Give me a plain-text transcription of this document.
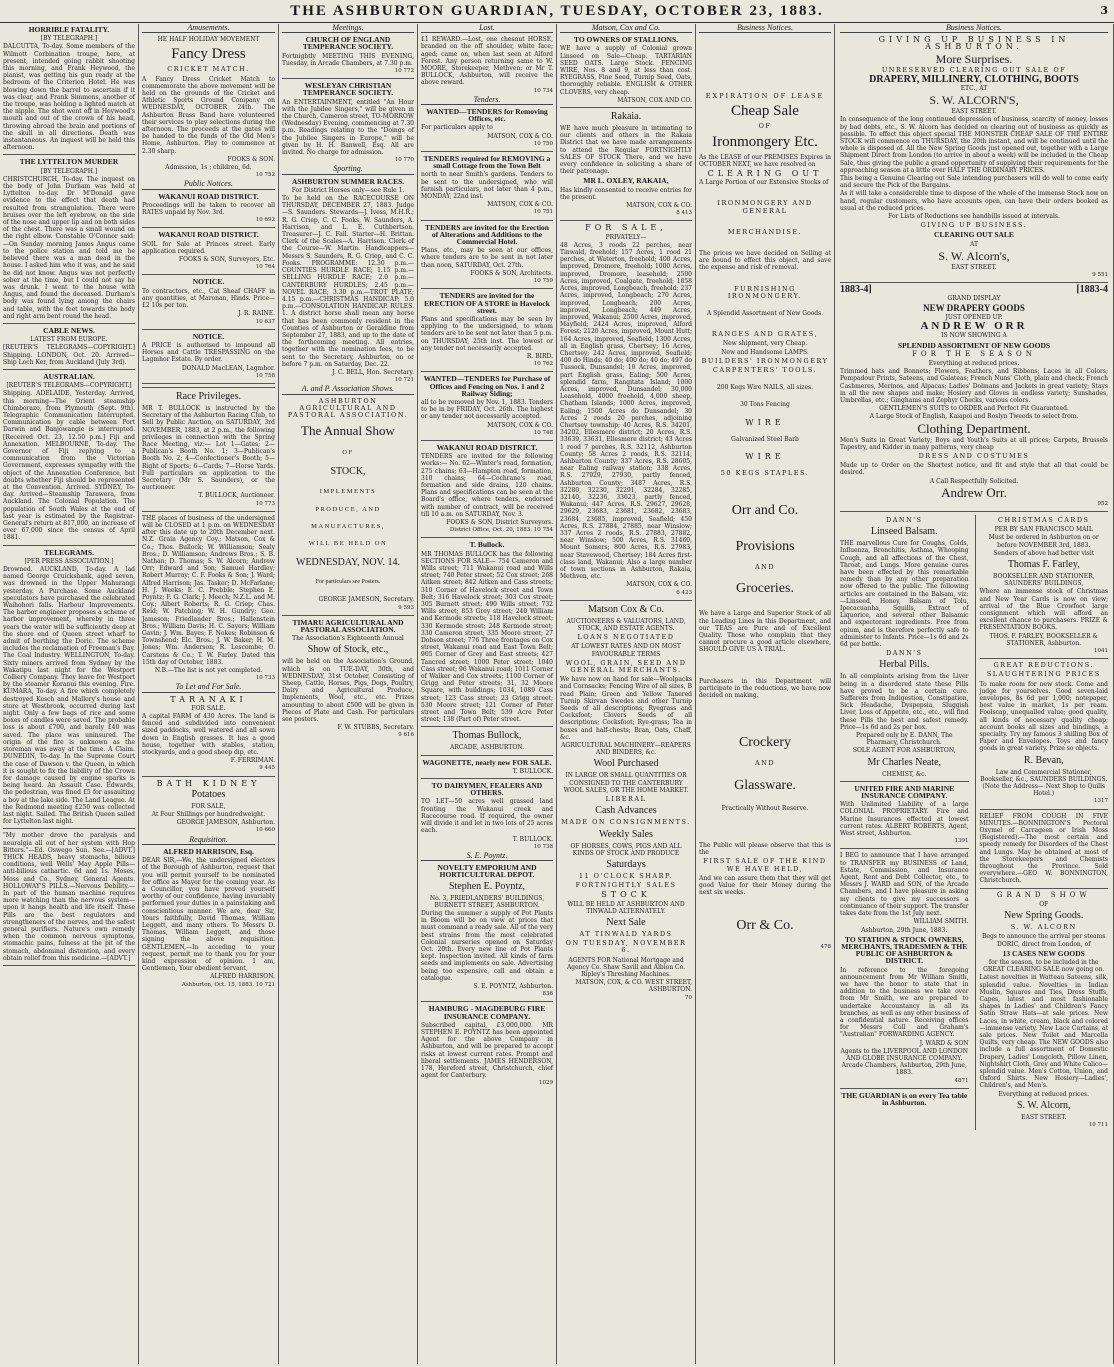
THE ASHBURTON GUARDIAN, TUESDAY, OCTOBER 23, 1883.	3
HORRIBLE FATALITY.
[BY TELEGRAPH.]
DALCUTTA, To-day. Some members of the Wilmott Corbination troupe, here, at present, intended going rabbit shooting this morning, and Frank Heywood, the pianist, was getting his gun ready at the bedroom of the Criterion Hotel. He was blowing down the barrel to ascertain if it was clear, and Frank Simmons, another of the troupe, was holding a lighted match at the nipple. The shot went off in Heywood's mouth and out of the crown of his head, throwing abroad the brain and portions of the skull in all directions. Death was instantaneous. An inquest will be held this afternoon.
THE LYTTELTON MURDER
[BY TELEGRAPH.]
CHRISTCHURCH, To-day. The inquest on the body of John Durham was held at Lyttelton to-day. Dr M'Donald gave evidence to the effect that death had resulted from strangulation. There were bruises over the left eyebrow, on the side of the nose and upper lip and on both sides of the chest. There was a small wound on the right elbow. Constable O'Connor said:—On Sunday morning James Angus came to the police station and told me he believed there was a man dead in the house. I asked him who it was, and he said he did not know. Angus was not perfectly sober at the time, but I could not say he was drunk. I went to the house with Angus, and found the deceased. Durham's body was found lying among the chairs and table, with the feet towards the body and right arm bent round the head.
CABLE NEWS.
LATEST FROM EUROPE.
[REUTER'S TELEGRAMS—COPYRIGHT.] Shipping. LONDON, Oct. 20. Arrived—Ship Loch Ker, from Auckland (July 3rd).
AUSTRALIAN.
[REUTER'S TELEGRAMS—COPYRIGHT.]
Shipping. ADELAIDE, Yesterday. Arrived, this morning—The Orient steamship Chimborazo, from Plymouth (Sept. 9th). Telegraphic Communication Interrupted. Communication by cable between Port Darwin and Banjowangie is interrupted. [Received Oct. 23, 12.50 p.m.] Fiji and Annexation. MELBOURNE, To-day. The Governor of Fiji replying to a communication from the Victorian Government, expresses sympathy with the object of the Annexation Conference, but doubts whether Fiji should be represented at the Convention. Arrived. SYDNEY, To-day. Arrived—Steamship Tarawera, from Auckland. The Colonial Population. The population of South Wales at the end of last year is estimated by the Registrar-General's return at 817,000, an increase of over 67,000 since the census of April 1881.
TELEGRAMS.
[PER PRESS ASSOCIATION.]
Drowned. AUCKLAND, To-day. A lad named George Cruickshank, aged seven, was drowned in the Upper Mahurangi yesterday. A Purchase. Some Auckland speculators have purchased the celebrated Waihohori falls. Harbour Improvements. The harbor engineer proposes a scheme of harbor improvement, whereby in three years the water will be sufficiently deep at the shore end of Queen street wharf to admit of berthing the Doric. The scheme includes the reclamation of Freeman's Bay. The Coal Industry. WELLINGTON, To-day. Sixty miners arrived from Sydney by the Wakatipu last night for the Westport Colliery Company. They leave for Westport by the steamer Koranui this evening. Fire. KUMARA, To-day. A fire which completely destroyed Kesch and Mallory's house and store at Westbrook, occurred during last night. Only a few bags of rice and some boxes of candles were saved. The probable loss is about £700, and barely £40 was saved. The place was uninsured. The origin of the fire is unknown as the storeman was away at the time. A Claim. DUNEDIN, To-day. In the Supreme Court the case of Dawson v. the Queen, in which it is sought to fix the liability of the Crown for damage caused by engine sparks is being heard. An Assault Case. Edwards, the pedestrian, was fined £5 for assaulting a boy at the lake side. The Land League. At the Redmond meeting £250 was collected last night. Sailed. The British Queen sailed for Lyttelton last night.
"My mother drove the paralysis and neuralgia all out of her system with Hop Bitters."—Ed. Oswego Sun. See.—[ADVT.] THICK HEADS, heavy stomachs, bilious conditions, well Wells' May Apple Pills—anti-bilious cathartic. 6d and 1s. Moses, Moss and Co., Sydney, General Agents. HOLLOWAY'S PILLS.—Nervous Debility.—In part of the human machine requires more watching than the nervous system—upon it hangs health and life itself. These Pills are the best regulators and strengtheners of the nerves, and the safest general purifiers. Nature's own remedy when the common nervous symptoms, stomachic pains, fulness at the pit of the stomach, abdominal distention, and every obtain relief from this medicine.—[ADVT.]
Amusements.
HE HALF HOLIDAY MOVEMENT
Fancy Dress
CRICKET MATCH.
A Fancy Dress Cricket Match to commemorate the above movement will be held on the grounds of the Cricket and Athletic Sports Ground Company on WEDNESDAY, OCTOBER 24th. The Ashburton Brass Band have volunteered their services to play selections during the afternoon. The proceeds at the gates will be handed to the funds of the Old Men's Home, Ashburton. Play to commence at 2.30 sharp.
FOOKS & SON.
Admission, 1s ; children, 6d.
10 752
Public Notices.
WAKANUI ROAD DISTRICT.
Proceedings will be taken to recover all RATES unpaid by Nov. 3rd.
10 692
WAKANUI ROAD DISTRICT.
SOIL for Sale at Princes street. Early application required.
FOOKS & SON, Surveyors, Etc.
10 764
NOTICE.
To contractors, etc., Cat Sheaf CHAFF in any quantities, at Maronan, Hinds. Price—£2 10s per ton.
J. R. RAINE.
10 637
NOTICE.
A PRICE is authorised to impound all Horses and Cattle TRESPASSING on the Lagmhor Estate. By order.
DONALD MacLEAN, Lagmhor.
10 758
Race Privileges.
MR T. BULLOCK is instructed by the Secretary of the Ashburton Racing Club, to Sell by Public Auction, on SATURDAY, 3rd NOVEMBER, 1883, at 2 p.m., the following privileges in connection with the Spring Race Meeting, viz:— Lot 1—Gates; 2—Publican's Booth No. 1; 3—Publican's Booth No. 2; 4—Confectioner's Booth; 5—Right of Sports; 6—Cards; 7—Horse Yards. Full particulars on application to the Secretary (Mr S. Saunders), or the auctioneer.
T. BULLOCK, Auctioneer.
10 773
THE places of business of the undersigned will be CLOSED at 1 p.m. on WEDNESDAY after this date up to 20th December next. N.Z. Grain Agency Coy.; Matson, Cox & Co.; Thos. Bullock; W. Williamson; Sealy Bros.; D. Williamson; Andrews Bros.; S. B. Nathan; D. Thomas; S. W. Alcorn; Andrew Orr; Edward and Son; Samuel Hardley; Robert Murray; C. F. Fooks & Son; J. Ward; Alfred Harrison; Jas. Tasker; D. McFarlane; H. J. Weeks; E. C. Prebble; Stephen E. Poyntz; F. G. Clark; J. Meech; N.Z.L. and M. Coy.; Albert Roberts; R. G. Criep; Chas. Reid; W. Patching; W. H. Gundry; Geo. Jameson; Friedlander Bros.; Hallenstein Bros.; William Davis; H. C. Sayers; William Gavin; J. Wm. Bayes; F. Nokes; Robinson & Townshend; Elc. Bros.; J. W. Baker; H. M. Jones; Wm. Anderson; R. Lescombe; O. Carstens & Co.; T. W. Farley. Dated this 15th day of October, 1883.
N.B.—The list is not yet completed.
10 733
To Let and For Sale.
TARANAKI
FOR SALE.
A capital FARM of 430 Acres. The land is fenced and subdivided into convenient sized paddocks, well watered and all sown down in English grasses. It has a good house, together with stables, station, stockyards, and a good sheep dip, etc.
F. FERRIMAN.
9 445
BATH KIDNEY
Potatoes
FOR SALE,
At Four Shillings per hundredweight.
GEORGE JAMESON, Ashburton.
10 660
Requisition.
ALFRED HARRISON, Esq.
DEAR SIR,—We, the undersigned electors of the Borough of Ashburton, request that you will permit yourself to be nominated for office as Mayor for the coming year. As a Councillor, you have proved yourself worthy of our confidence, having invariably performed your duties in a painstaking and conscientious manner. We are, dear Sir, Yours faithfully, David Thomas, William Leggett, and many others. To Messrs D. Thomas, William Leggett, and those signing the above requisition. GENTLEMEN,—In acceding to your request, permit me to thank you for your kind expression of opinion. I am, Gentlemen, Your obedient servant,
ALFRED HARRISON.
Ashburton, Oct. 15, 1883. 10 721
Meetings.
CHURCH OF ENGLAND TEMPERANCE SOCIETY.
Fortnightly MEETING THIS EVENING, Tuesday, in Arcade Chambers, at 7.30 p.m.
10 772
WESLEYAN CHRISTIAN TEMPERANCE SOCIETY.
An ENTERTAINMENT, entitled "An Hour with the Jubilee Singers," will be given in the Church, Cameron street, TO-MORROW (Wednesday) Evening, commencing at 7.30 p.m. Readings relating to the "Doings of the Jubilee Singers in Europe," will be given by H. H. Banwell, Esq. All are invited. No charge for admission.
10 770
Sporting.
ASHBURTON SUMMER RACES.
For District Horses only—see Rule 1.
To be held on the RACECOURSE ON THURSDAY, DECEMBER 27, 1883. Judge—S. Saunders. Stewards—J. Ivess, M.H.R.; R. G. Criep, C. C. Fooks, W. Saunders, A. Harrison, and L. E. Cuthbertson. Treasurer—J. C. Fall. Starter—H. Brittan. Clerk of the Scales—A. Harrison. Clerk of the Course—W. Martin. Handicappers—Messrs S. Saunders, R. G. Criep, and C. C. Fooks. PROGRAMME: 12.30 p.m.—COUNTIES HURDLE RACE; 1.15 p.m.—SELLING HURDLE RACE; 2.0 p.m.—CANTERBURY HURDLES; 2.45 p.m.—NOVEL RACE; 3.30 p.m.—TROT PLATE; 4.15 p.m.—CHRISTMAS HANDICAP; 5.0 p.m.—CONSOLATION HANDICAP. RULES. 1. A district horse shall mean any horse that has been commonly resident in the Counties of Ashburton or Geraldine from September 27, 1883, and up to the date of the forthcoming meeting. All entries, together with the nomination fees, to be sent to the Secretary, Ashburton, on or before 7 p.m. on Saturday, Dec. 22.
J. C. BELL, Hon. Secretary.
10 721
A. and P. Association Shows.
ASHBURTON AGRICULTURAL AND PASTORAL ASSOCIATION.
The Annual Show
OF
STOCK,
IMPLEMENTS
PRODUCE, AND
MANUFACTURES,
WILL BE HELD ON
WEDNESDAY, NOV. 14.
For particulars see Posters.
GEORGE JAMESON, Secretary.
9 593
TIMARU AGRICULTURAL AND PASTORAL ASSOCIATION.
The Association's Eighteenth Annual
Show of Stock, etc.,
will be held on the Association's Ground, which is on TUE-DAY, 30th, and WEDNESDAY, 31st October, Consisting of Sheep, Cattle, Horses, Pigs, Dogs, Poultry, Dairy and Agricultural Produce, Implements, Wool, etc., etc. Prizes amounting to about £500 will be given in Pieces of Plate and Cash. For particulars see posters.
F. W. STUBBS, Secretary.
9 616
Lost.
£1 REWARD.—Lost, one chesnut HORSE, branded on the off shoulder, white face; aged; came on, when last seen at Alford Forest. Any person returning same to W. MOORE, Storekeeper, Methven; or Mr T. BULLOCK, Ashburton, will receive the above reward.
10 734
Tenders.
WANTED—TENDERS for Removing Offices, etc.
For particulars apply to
MATSON, COX & CO.
10 750
TENDERS required for REMOVING a small Cottage from the Town Belt
north to near Smith's gardens. Tenders to be sent to the undersigned, who will furnish particulars, not later than 4 p.m., MONDAY, 22nd inst.
MATSON, COX & CO.
10 751
TENDERS are invited for the Erection of Alterations and Additions to the Commercial Hotel.
Plans, etc., may be seen at our offices, where tenders are to be sent in not later than noon, SATURDAY, Oct. 27th.
FOOKS & SON, Architects.
10 759
TENDERS are invited for the ERECTION OF A STORE in Havelock street.
Plans and specifications may be seen by applying to the undersigned, to whom tenders are to be sent not later than 5 p.m. on THURSDAY, 25th inst. The lowest or any tender not necessarily accepted.
R. BIRD.
10 762
WANTED—TENDERS for Purchase of Offices and Fencing on Nos. 1 and 2 Railway Siding;
all to be removed by Nov. 1, 1883. Tenders to be in by FRIDAY, Oct. 26th. The highest or any tender not necessarily accepted.
MATSON, COX & CO.
10 748
WAKANUI ROAD DISTRICT.
TENDERS are invited for the following works:— No. 62—Winter's road, formation, 275 chains; 63—Hampton road, formation, 310 chains; 64—Cochrane's road, formation and side drains, 120 chains. Plans and specifications can be seen at the Board's office, where tenders, endorsed with number of contract, will be received till 10 a.m. on SATURDAY, Nov. 3.
FOOKS & SON, District Surveyors.
District Office, Oct. 20, 1883. 10 754
T. Bullock.
MR THOMAS BULLOCK has the following SECTIONS FOR SALE— 754 Cameron and Wills street; 711 Wakanui road and Wills street; 740 Peter street; 52 Cox street; 268 Aitken street; 842 Aitken and Cass streets; 310 Corner of Havelock street and Town Belt; 316 Havelock street; 303 Cox street; 305 Burnett street; 490 Wills street; 732 Wills street; 853 Grey street; 240 William and Kermode streets; 118 Havelock street; 330 Kermode street; 248 Kermode street; 330 Cameron street; 335 Moore street; 27 Dobson street; 776 Three frontages on Cox street, Wakanui road and East Town Belt; 905 Corner of Grey and East streets; 427 Tancred street; 1000 Peter street; 1040 Cass street; 96 Wakanui road; 1011 Corner of Walker and Cox streets; 1100 Corner of Grigg and Peter streets; 31, 32 Moore Square, with buildings; 1034, 1089 Cass street; 123 Cass street; 23 Grigg street; 530 Moore street; 121 Corner of Peter street and Town Belt; 539 Acre Peter street; 138 (Part of) Peter street.
Thomas Bullock,
ARCADE, ASHBURTON.
WAGONETTE, nearly new FOR SALE.
T. BULLOCK.
TO DAIRYMEN, FEALERS AND OTHERS.
TO LET—50 acres well grassed land fronting the Wakanui creek and Racecourse road. If required, the owner will divide it and let in two lots of 25 acres each.
T. BULLOCK.
10 738
S. E. Poyntz.
NOVELTY EMPORIUM AND HORTICULTURAL DEPOT.
Stephen E. Poyntz,
No. 3, FRIEDLANDERS' BUILDINGS, BURNETT STREET, ASHBURTON.
During the summer a supply of Pot Plants in Bloom will be on view at prices that must command a ready sale. All of the very best strains from the most celebrated Colonial nurseries opened on Saturday Oct. 20th. Every new line of Pot Plants kept. Inspection invited. All kinds of farm seeds and implements on sale. Advertising being too expensive, call and obtain a catalogue.
S. E. POYNTZ, Ashburton.
836
HAMBURG - MAGDEBURG FIRE INSURANCE COMPANY.
Subscribed capital, £3,000,000. MR STEPHEN E. POYNTZ has been appointed Agent for the above Company in Ashburton, and will be prepared to accept risks at lowest current rates. Prompt and liberal settlements. JAMES HENDERSON, 178, Hereford street, Christchurch, chief agent for Canterbury.
1029
Matson, Cox and Co.
TO OWNERS OF STALLIONS.
WE have a supply of Colonial grown Linseed on Sale—Cheap. TARTARIAN SEED OATS. Large Stock. FENCING WIRE, Nos. 8 and 9, at less than cost. RYEGRASS, Fine Seed, Turnip Seed, Oats, thoroughly reliable. ENGLISH & OTHER CLOVERS, very cheap.
MATSON, COX AND CO.
Rakaia.
WE have much pleasure in intimating to our clients and others in the Rakaia District that we have made arrangements to attend the Regular FORTNIGHTLY SALES OF STOCK There, and we have every confidence in soliciting a share of their patronage.
MR L. OXLEY, RAKAIA,
Has kindly consented to receive entries for the present.
MATSON, COX & CO.
8 413
FOR SALE,
PRIVATELY—
48 Acres, 3 roods 22 perches, near Tinwald, freehold; 157 Acres, 1 rood 21 perches, at Waterton, freehold; 400 Acres, improved, Dromore, freehold; 1000 Acres, improved, Dromore, leasehold; 2500 Acres, improved, Coalgate, freehold; 1858 Acres, improved, Longbeach, freehold; 237 Acres, improved, Longbeach; 270 Acres, improved, Longbeach; 200 Acres, improved, Longbeach; 449 Acres, improved, Wakanui; 2500 Acres, improved, Mayfield; 2424 Acres, improved, Alford Forest; 2120 Acres, improved, Mount Hutt; 164 Acres, improved, Seafield; 1300 Acres, all in English grass, Chertsey; 16 Acres, Chertsey; 242 Acres, improved, Seafield; 400 do Hinds; 40 do; 400 do; 40 do; 497 do Tussock, Dunsandel; 10 Acres, improved, part English grass, Ealing; 500 Acres, splendid farm, Rangitata Island; 1000 Acres, improved, Dunsandel; 30,000 Leasehold, 4000 freehold, 4,000 sheep, Chatham Islands; 1000 Acres, improved, Ealing; 1500 Acres do Dunsandel; 30 Acres 2 roods 20 perches, adjoining Chertsey township; 40 Acres, R.S. 34201, 34202, Ellesmere district; 20 Acres, R.S. 33639, 33631, Ellesmere district; 43 Acres 1 rood 7 perches, R.S. 32112, Ashburton County; 58 Acres 2 roods, R.S. 32114, Ashburton County; 337 Acres, R.S. 28605, near Ealing railway station; 338 Acres, R.S. 27929, 27930, partly fenced, Ashburton County; 3487 Acres, R.S. 32280, 32230, 32291, 32284, 32285, 32140, 32236, 33623, partly fenced, Wakanui; 447 Acres, R.S. 29627, 29628, 29629, 23683, 23681, 23682, 23683, 23684, 23685, improved, Seafield; 450 Acres, R.S. 27884, 27885, near Winslow; 337 Acres 2 roods, R.S. 27883, 27882, near Winslow; 500 Acres, R.S. 31460, Mount Somers; 800 Acres, R.S. 27983, near Stavewood, Chertsey; 184 Acres first-class land, Wakanui; Also a large number of town sections in Ashburton, Rakaia, Methven, etc.
MATSON, COX & CO.
6 423
Matson Cox & Co.
AUCTIONEERS & VALUATORS, LAND, STOCK, AND ESTATE AGENTS.
LOANS NEGOTIATED
AT LOWEST RATES AND ON MOST FAVOURABLE TERMS
WOOL, GRAIN, SEED AND GENERAL MERCHANTS.
We have now on hand for sale—Woolpacks and Cornsacks; Fencing Wire of all sizes, B read Plain; Green and Yellow Tanered Turnip Skirvan Swedes and other Turnip Seeds of all descriptions; Ryegrass and Cocksfoot; Clovers Seeds of all descriptions; Cocksfoot; Rye-grass; Tea in boxes and half-chests; Bran, Oats, Chaff, &c.
AGRICULTURAL MACHINERY—REAPERS AND BINDERS, &c.
Wool Purchased
IN LARGE OR SMALL QUANTITIES OR CONSIGNED TO THE CANTERBURY WOOL SALES, OR THE HOME MARKET.
LIBERAL
Cash Advances
MADE ON CONSIGNMENTS.
Weekly Sales
OF HORSES, COWS, PIGS AND ALL KINDS OF STOCK AND PRODUCE
Saturdays
11 O'CLOCK SHARP.
FORTNIGHTLY SALES
STOCK
WILL BE HELD AT ASHBURTON AND TINWALD ALTERNATELY.
Next Sale
AT TINWALD YARDS
ON TUESDAY, NOVEMBER 6.
AGENTS FOR National Mortgage and Agency Co. Shaw Savill and Albion Co. Ripley's Threshing Machines.
MATSON, COX, & CO. WEST STREET, ASHBURTON.
70
Business Notices.
EXPIRATION OF LEASE
Cheap Sale
OF
Ironmongery Etc.
As the LEASE of our PREMISES Expires in OCTOBER NEXT, we have resolved on
CLEARING OUT
A Large Portion of our Extensive Stocks of
IRONMONGERY AND GENERAL
MERCHANDISE.
The prices we have decided on Selling at are bound to effect this object, and save the expense and risk of removal.
FURNISHING IRONMONGERY.
A Splendid Assortment of New Goods.
RANGES AND GRATES,
New shipment, very Cheap.
New and Handsome LAMPS.
BUILDERS' IRONMONGERY
CARPENTERS' TOOLS.
200 Kegs Wire NAILS, all sizes.
30 Tons Fencing
WIRE
Galvanized Steel Barb
WIRE
50 KEGS STAPLES.
Orr and Co.
Provisions
AND
Groceries.
We have a Large and Superior Stock of all the Leading Lines in this Department, and our TEAS are Pure and of Excellent Quality. Those who complain that they cannot procure a good article elsewhere, SHOULD GIVE US A TRIAL.
Purchasers in this Department will participate in the reductions, we have now decided on making.
Crockery
AND
Glassware.
Practically Without Reserve.
The Public will please observe that this is the
FIRST SALE OF THE KIND WE HAVE HELD,
And we can assure them that they will get good Value for their Money during the next six weeks.
Orr & Co.
478
Business Notices.
GIVING UP BUSINESS IN ASHBURTON.
More Surprises.
UNRESERVED CLEARING OUT SALE OF
DRAPERY, MILLINERY, CLOTHING, BOOTS
ETC., AT
S. W. ALCORN'S,
EAST STREET.
In consequence of the long continued depression of business, scarcity of money, losses by bad debts, etc., S. W. Alcorn has decided on clearing out of business as quickly as possible. To effect this object special THE MONSTER CHEAP SALE OF THE ENTIRE STOCK will commence on THURSDAY, the 20th instant, and will be continued until the whole is disposed of. All the New Spring Goods just opened out, together with a Large Shipment Direct from London (to arrive in about a week) will be included in the Cheap Sale, thus giving the public a grand opportunity of supplying their requirements for the approaching season at a little over HALF THE ORDINARY PRICES.
This being a Genuine Clearing out Sale intending purchasers will do well to come early and secure the Pick of the Bargains.
As it will take a considerable time to dispose of the whole of the immense Stock now on hand, regular customers, who have accounts open, can have their orders booked as usual at the reduced prices.
For Lists of Reductions see handbills issued at intervals.
GIVING UP BUSINESS.
CLEARING OUT SALE
AT
S. W. Alcorn's,
EAST STREET.
9 551
1883-4]	[1883-4
GRAND DISPLAY
NEW DRAPERY GOODS
JUST OPENED UP.
ANDREW ORR
IS NOW SHOWING A
SPLENDID ASSORTMENT OF NEW GOODS
FOR THE SEASON
Everything at reduced prices.
Trimmed hats and Bonnets; Flowers, Feathers, and Ribbons; Laces in all Colors; Pompadour Prints, Sateens, and Galateas; French Nuns' Cloth, plain and check; French Cashmeres, Merinos, and Alpacas; Ladies' Dolmans and Jackets in great variety; Stays in all the new shapes and make; Hosiery and Gloves in endless variety; Sunshades, Umbrellas, etc.; Ginghams and Zephyr Checks, various colors.
GENTLEMEN'S SUITS to ORDER and Perfect Fit Guaranteed.
A Large Stock of English, Kaiapoi and Roslyn Tweeds to select from.
Clothing Department.
Men's Suits in Great Variety; Boys and Youth's Suits at all prices; Carpets, Brussels Tapestry, and Kidder in many patterns, very cheap
DRESS AND COSTUMES
Made up to Order on the Shortest notice, and fit and style that all that could be desired.
A Call Respectfully Solicited.
Andrew Orr.
952
DANN'S
Linseed Balsam.
THE marvellous Cure for Coughs, Colds, Influenza, Bronchitis, Asthma, Whooping Cough, and all affections of the Chest, Throat, and Lungs. More genuine cures have been effected by this remarkable remedy than by any other preparation now offered to the public. The following articles are contained in the Balsam, viz:—Linseed, Honey, Balsam of Tolu, Ipecacuanha, Squills, Extract of Liquorice, and several other Balsamic and expectorant ingredients. Free from opium, and is therefore perfectly safe to administer to Infants. Price—1s 6d and 2s 6d per bottle.
DANN'S
Herbal Pills.
In all complaints arising from the Liver being in a disordered state these Pills have proved to be a certain cure. Sufferers from Indigestion, Constipation, Sick Headache, Dyspepsia, Sluggish Liver, Loss of Appetite, etc., etc., will find these Pills the best and safest remedy. Price—1s 6d and 2s per box.
Prepared only by E. DANN, The Pharmacy, Christchurch.
SOLE AGENT FOR ASHBURTON,
Mr Charles Neate,
CHEMIST, &c.
UNITED FIRE AND MARINE INSURANCE COMPANY.
With Unlimited Liability of a large COLONIAL PROPRIETARY. Fire and Marine Insurances effected at lowest current rates. ALBERT ROBERTS, Agent, West street, Ashburton.
1391
I BEG to announce that I have arranged to TRANSFER my BUSINESS of Land, Estate, Commission, and Insurance Agent, Rent and Debt Collector, etc., to Messrs J. WARD and SON, of the Arcade Chambers, and I have pleasure in asking my clients to give my successors a continuance of their support. The transfer takes date from the 1st July next.
WILLIAM SMITH.
Ashburton, 29th June, 1883.
TO STATION & STOCK OWNERS, MERCHANTS, TRADESMEN & THE PUBLIC OF ASHBURTON & DISTRICT.
In reference to the foregoing announcement from Mr William Smith, we have the honor to state that in addition to the business we take over from Mr Smith, we are prepared to undertake Accountancy in all its branches, as well as any other business of a confidential nature. Receiving offices for Messrs Coll and Graham's "Australian" FORWARDING AGENCY.
J. WARD & SON
Agents to the LIVERPOOL AND LONDON AND GLOBE INSURANCE COMPANY. Arcade Chambers, Ashburton, 29th June, 1883.
4871
THE GUARDIAN is on every Tea table in Ashburton.
CHRISTMAS CARDS
PER BY SAN FRANCISCO MAIL
Must be ordered in Ashburton on or before NOVEMBER 3rd, 1883.
Senders of above had better visit
Thomas F. Farley,
BOOKSELLER AND STATIONER, SAUNDERS' BUILDINGS,
Where an immense stock of Christmas and New Year Cards is now on view; arrival of the Blue Crowfoot large consignment which will afford an excellent chance to purchasers. PRIZE & PRESENTATION BOOKS.
THOS. F. FARLEY, BOOKSELLER & STATIONER, Ashburton.
1041
GREAT REDUCTIONS.
SLAUGHTERING PRICES
To make room for new stock. Come and judge for yourselves. Good seven-laid envelopes, 8s 6d per 1,000; notepaper, best value in market, 1s per ream. Foolscap, unequalled value; good quality, all kinds of necessary quality cheap; account books all sizes and bindings, a specialty. Try my famous 3 shilling Box of Paper and Envelopes. Toys and fancy goods in great variety. Prize so objects.
R. Bevan,
Law and Commercial Stationer, Bookseller, &c., SAUNDERS BUILDINGS. (Note the Address— Next Shop to Quills Hotel.)
1317
RELIEF FROM COUGH IN FIVE MINUTES.—BONNINGTON'S Pectoral Oxymel of Carrageen or Irish Moss (Registered).—The most certain and speedy remedy for Disorders of the Chest and Lungs. May be obtained at most of the Storekeepers and Chemists throughout the Province. Sold everywhere.—GEO W. BONNINGTON, Christchurch.
GRAND SHOW
OF
New Spring Goods.
S. W. ALCORN
Begs to announce the arrival per steams DORIC, direct from London, of
13 CASES NEW GOODS
for the season, to be included in the GREAT CLEARING SALE now going on.
Latest novelties in Watteau Sateens, silk, splendid value. Novelties in Indian Muslin, Squares and Ties, Dress Stuffs, Capes, latest and most fashionable shapes in Ladies' and Children's Fancy Satin Straw Hats—at sale prices. New Laces, in white, cream, black and colored—immense variety. New Lace Curtains, at sale prices. New Toilet and Marcella Quilts, very cheap. The NEW GOODS also include a full assortment of Domestic Drapery, Ladies' Longcloth, Pillow Linen, Nightshirt Cloth, Grey and White Calico—splendid value. Men's Cotton, Union, and Oxford Shirts. New Hosiery—Ladies', Children's, and Men's.
Everything at reduced prices.
S. W. Alcorn,
EAST STREET.
10 711
